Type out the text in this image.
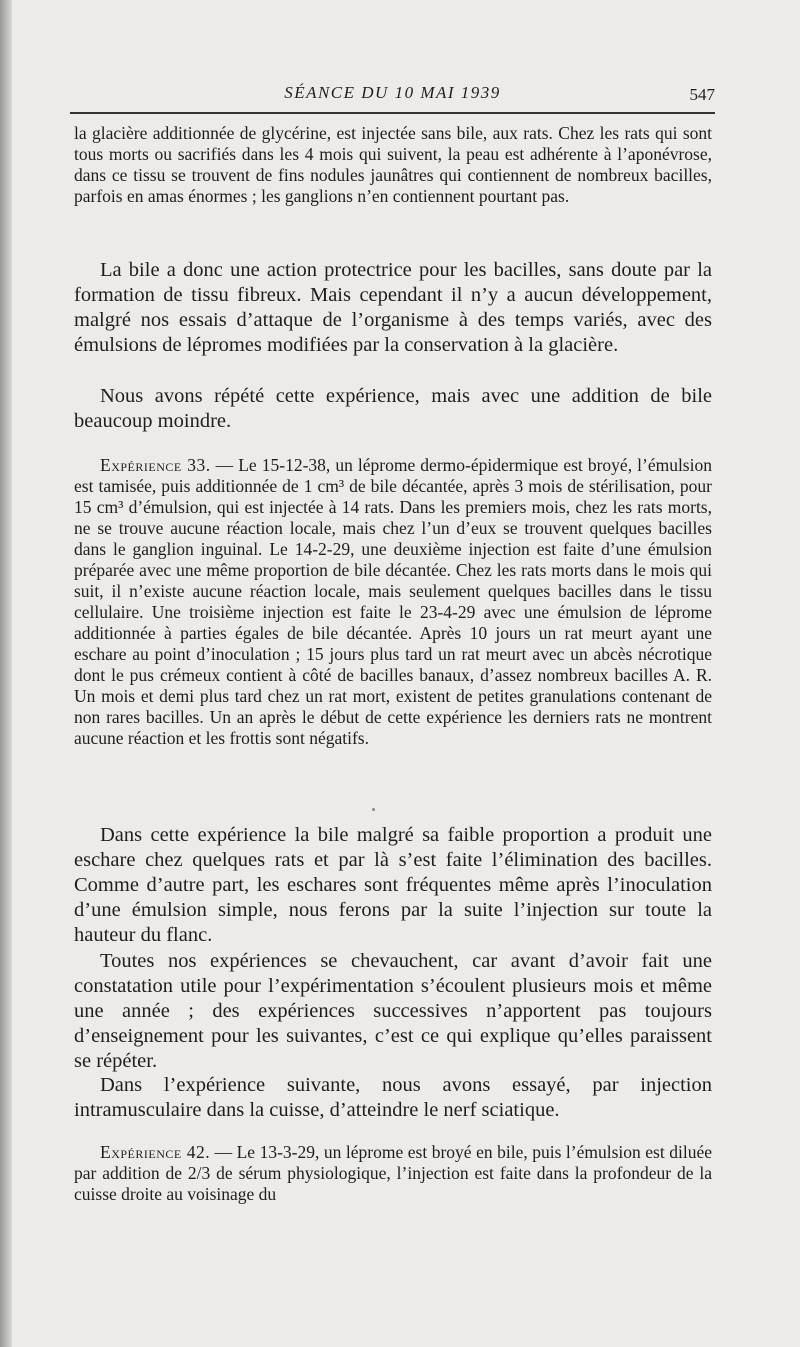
SÉANCE DU 10 MAI 1939	547

la glacière additionnée de glycérine, est injectée sans bile, aux rats. Chez les rats qui sont tous morts ou sacrifiés dans les 4 mois qui suivent, la peau est adhérente à l’aponévrose, dans ce tissu se trouvent de fins nodules jaunâtres qui contiennent de nombreux bacilles, parfois en amas énormes ; les ganglions n’en contiennent pourtant pas.

La bile a donc une action protectrice pour les bacilles, sans doute par la formation de tissu fibreux. Mais cependant il n’y a aucun développement, malgré nos essais d’attaque de l’organisme à des temps variés, avec des émulsions de lépromes modifiées par la conservation à la glacière.

Nous avons répété cette expérience, mais avec une addition de bile beaucoup moindre.

Expérience 33. — Le 15-12-38, un léprome dermo-épidermique est broyé, l’émulsion est tamisée, puis additionnée de 1 cm³ de bile décantée, après 3 mois de stérilisation, pour 15 cm³ d’émulsion, qui est injectée à 14 rats. Dans les premiers mois, chez les rats morts, ne se trouve aucune réaction locale, mais chez l’un d’eux se trouvent quelques bacilles dans le ganglion inguinal. Le 14-2-29, une deuxième injection est faite d’une émulsion préparée avec une même proportion de bile décantée. Chez les rats morts dans le mois qui suit, il n’existe aucune réaction locale, mais seulement quelques bacilles dans le tissu cellulaire. Une troisième injection est faite le 23-4-29 avec une émulsion de léprome additionnée à parties égales de bile décantée. Après 10 jours un rat meurt ayant une eschare au point d’inoculation ; 15 jours plus tard un rat meurt avec un abcès nécrotique dont le pus crémeux contient à côté de bacilles banaux, d’assez nombreux bacilles A. R. Un mois et demi plus tard chez un rat mort, existent de petites granulations contenant de non rares bacilles. Un an après le début de cette expérience les derniers rats ne montrent aucune réaction et les frottis sont négatifs.

Dans cette expérience la bile malgré sa faible proportion a produit une eschare chez quelques rats et par là s’est faite l’élimination des bacilles. Comme d’autre part, les eschares sont fréquentes même après l’inoculation d’une émulsion simple, nous ferons par la suite l’injection sur toute la hauteur du flanc.

Toutes nos expériences se chevauchent, car avant d’avoir fait une constatation utile pour l’expérimentation s’écoulent plusieurs mois et même une année ; des expériences successives n’apportent pas toujours d’enseignement pour les suivantes, c’est ce qui explique qu’elles paraissent se répéter.

Dans l’expérience suivante, nous avons essayé, par injection intramusculaire dans la cuisse, d’atteindre le nerf sciatique.

Expérience 42. — Le 13-3-29, un léprome est broyé en bile, puis l’émulsion est diluée par addition de 2/3 de sérum physiologique, l’injection est faite dans la profondeur de la cuisse droite au voisinage du
